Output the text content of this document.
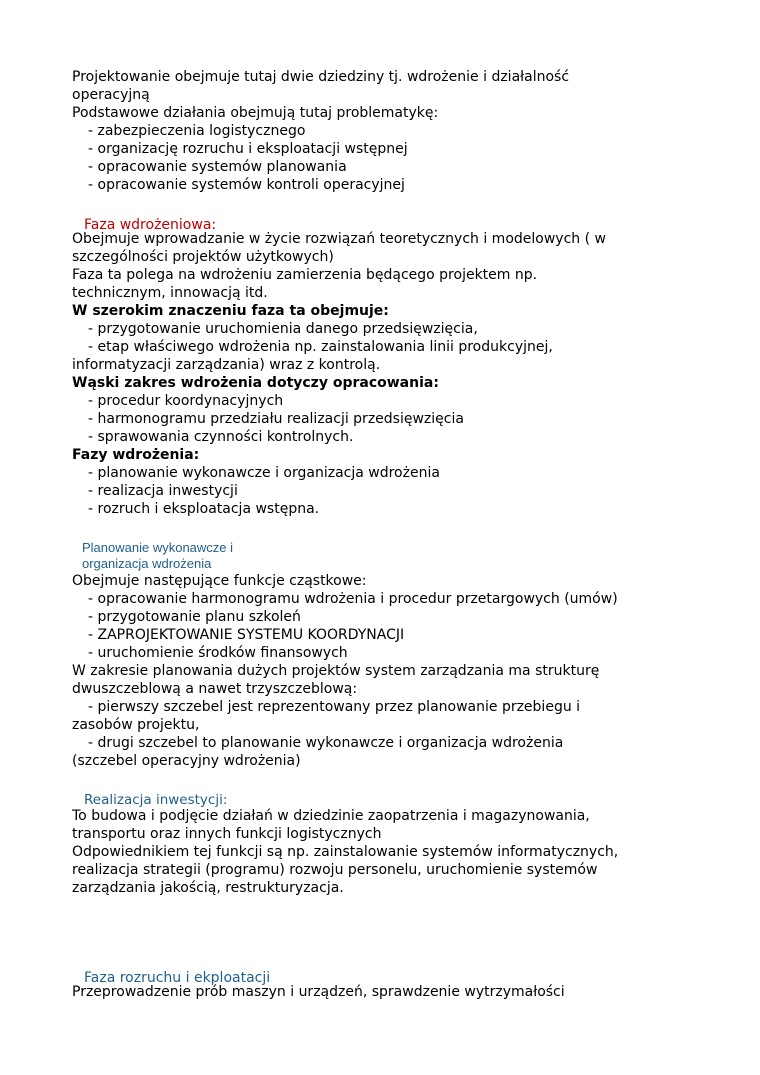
Projektowanie obejmuje tutaj dwie dziedziny tj. wdrożenie i działalność
operacyjną
Podstawowe działania obejmują tutaj problematykę:
- zabezpieczenia logistycznego
- organizację rozruchu i eksploatacji wstępnej
- opracowanie systemów planowania
- opracowanie systemów kontroli operacyjnej
Faza wdrożeniowa:
Obejmuje wprowadzanie w życie rozwiązań teoretycznych i modelowych ( w
szczególności projektów użytkowych)
Faza ta polega na wdrożeniu zamierzenia będącego projektem np.
technicznym, innowacją itd.
W szerokim znaczeniu faza ta obejmuje:
- przygotowanie uruchomienia danego przedsięwzięcia,
- etap właściwego wdrożenia np. zainstalowania linii produkcyjnej,
informatyzacji zarządzania) wraz z kontrolą.
Wąski zakres wdrożenia dotyczy opracowania:
- procedur koordynacyjnych
- harmonogramu przedziału realizacji przedsięwzięcia
- sprawowania czynności kontrolnych.
Fazy wdrożenia:
- planowanie wykonawcze i organizacja wdrożenia
- realizacja inwestycji
- rozruch i eksploatacja wstępna.
Planowanie wykonawcze i
organizacja wdrożenia
Obejmuje następujące funkcje cząstkowe:
- opracowanie harmonogramu wdrożenia i procedur przetargowych (umów)
- przygotowanie planu szkoleń
- ZAPROJEKTOWANIE SYSTEMU KOORDYNACJI
- uruchomienie środków finansowych
W zakresie planowania dużych projektów system zarządzania ma strukturę
dwuszczeblową a nawet trzyszczeblową:
- pierwszy szczebel jest reprezentowany przez planowanie przebiegu i
zasobów projektu,
- drugi szczebel to planowanie wykonawcze i organizacja wdrożenia
(szczebel operacyjny wdrożenia)
Realizacja inwestycji:
To budowa i podjęcie działań w dziedzinie zaopatrzenia i magazynowania,
transportu oraz innych funkcji logistycznych
Odpowiednikiem tej funkcji są np. zainstalowanie systemów informatycznych,
realizacja strategii (programu) rozwoju personelu, uruchomienie systemów
zarządzania jakością, restrukturyzacja.
Faza rozruchu i ekploatacji
Przeprowadzenie prób maszyn i urządzeń, sprawdzenie wytrzymałości
